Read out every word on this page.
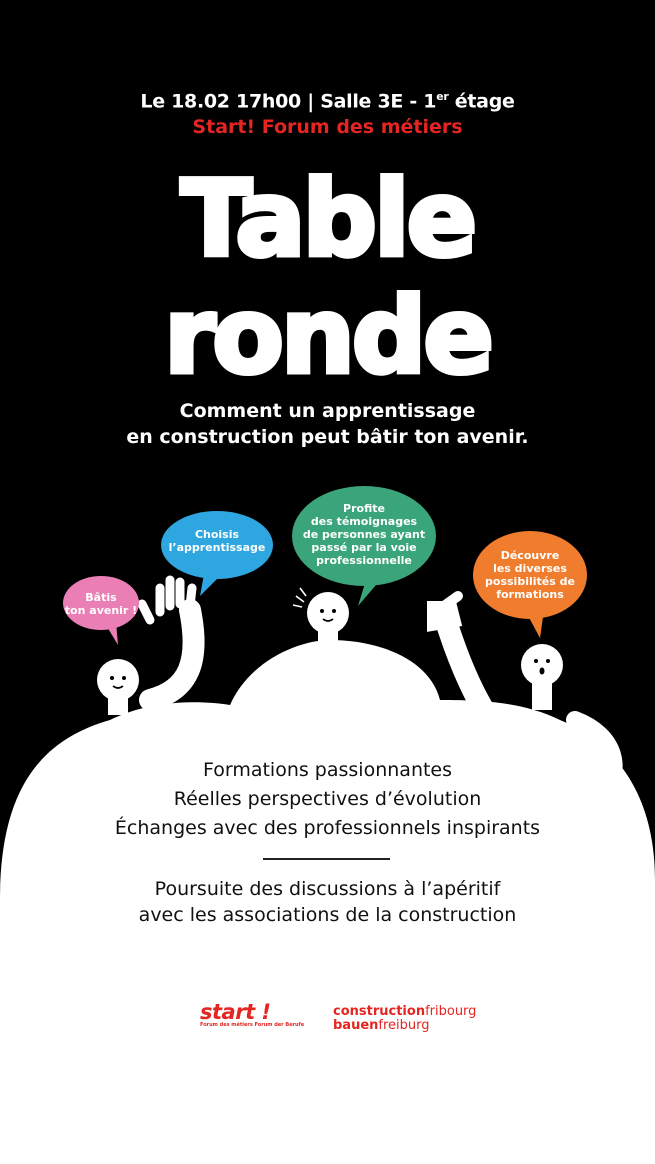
Le 18.02 17h00 | Salle 3E - 1er étage
Start! Forum des métiers
Table
ronde
Comment un apprentissage
en construction peut bâtir ton avenir.
Bâtis
ton avenir !
Choisis
l’apprentissage
Profite
des témoignages
de personnes ayant
passé par la voie
professionnelle	Découvre
les diverses
possibilités de
formations
Formations passionnantes
Réelles perspectives d’évolution
Échanges avec des professionnels inspirants
Poursuite des discussions à l’apéritif
avec les associations de la construction
start !
Forum des métiers Forum der Berufe
constructionfribourg
bauenfreiburg
